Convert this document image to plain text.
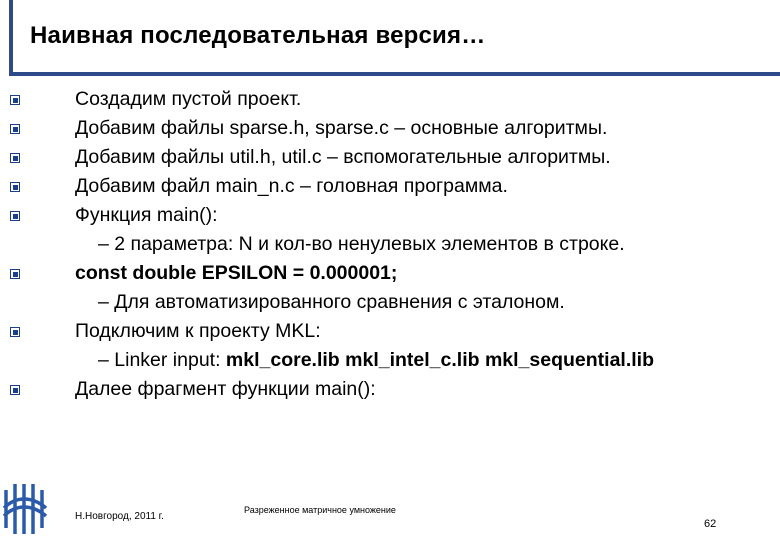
Наивная последовательная версия…
Создадим пустой проект.
Добавим файлы sparse.h, sparse.c – основные алгоритмы.
Добавим файлы util.h, util.c – вспомогательные алгоритмы.
Добавим файл main_n.c – головная программа.
Функция main():
– 2 параметра: N и кол-во ненулевых элементов в строке.
const double EPSILON = 0.000001;
– Для автоматизированного сравнения с эталоном.
Подключим к проекту MKL:
– Linker input: mkl_core.lib mkl_intel_c.lib mkl_sequential.lib
Далее фрагмент функции main():
Н.Новгород, 2011 г.
Разреженное матричное умножение
62
